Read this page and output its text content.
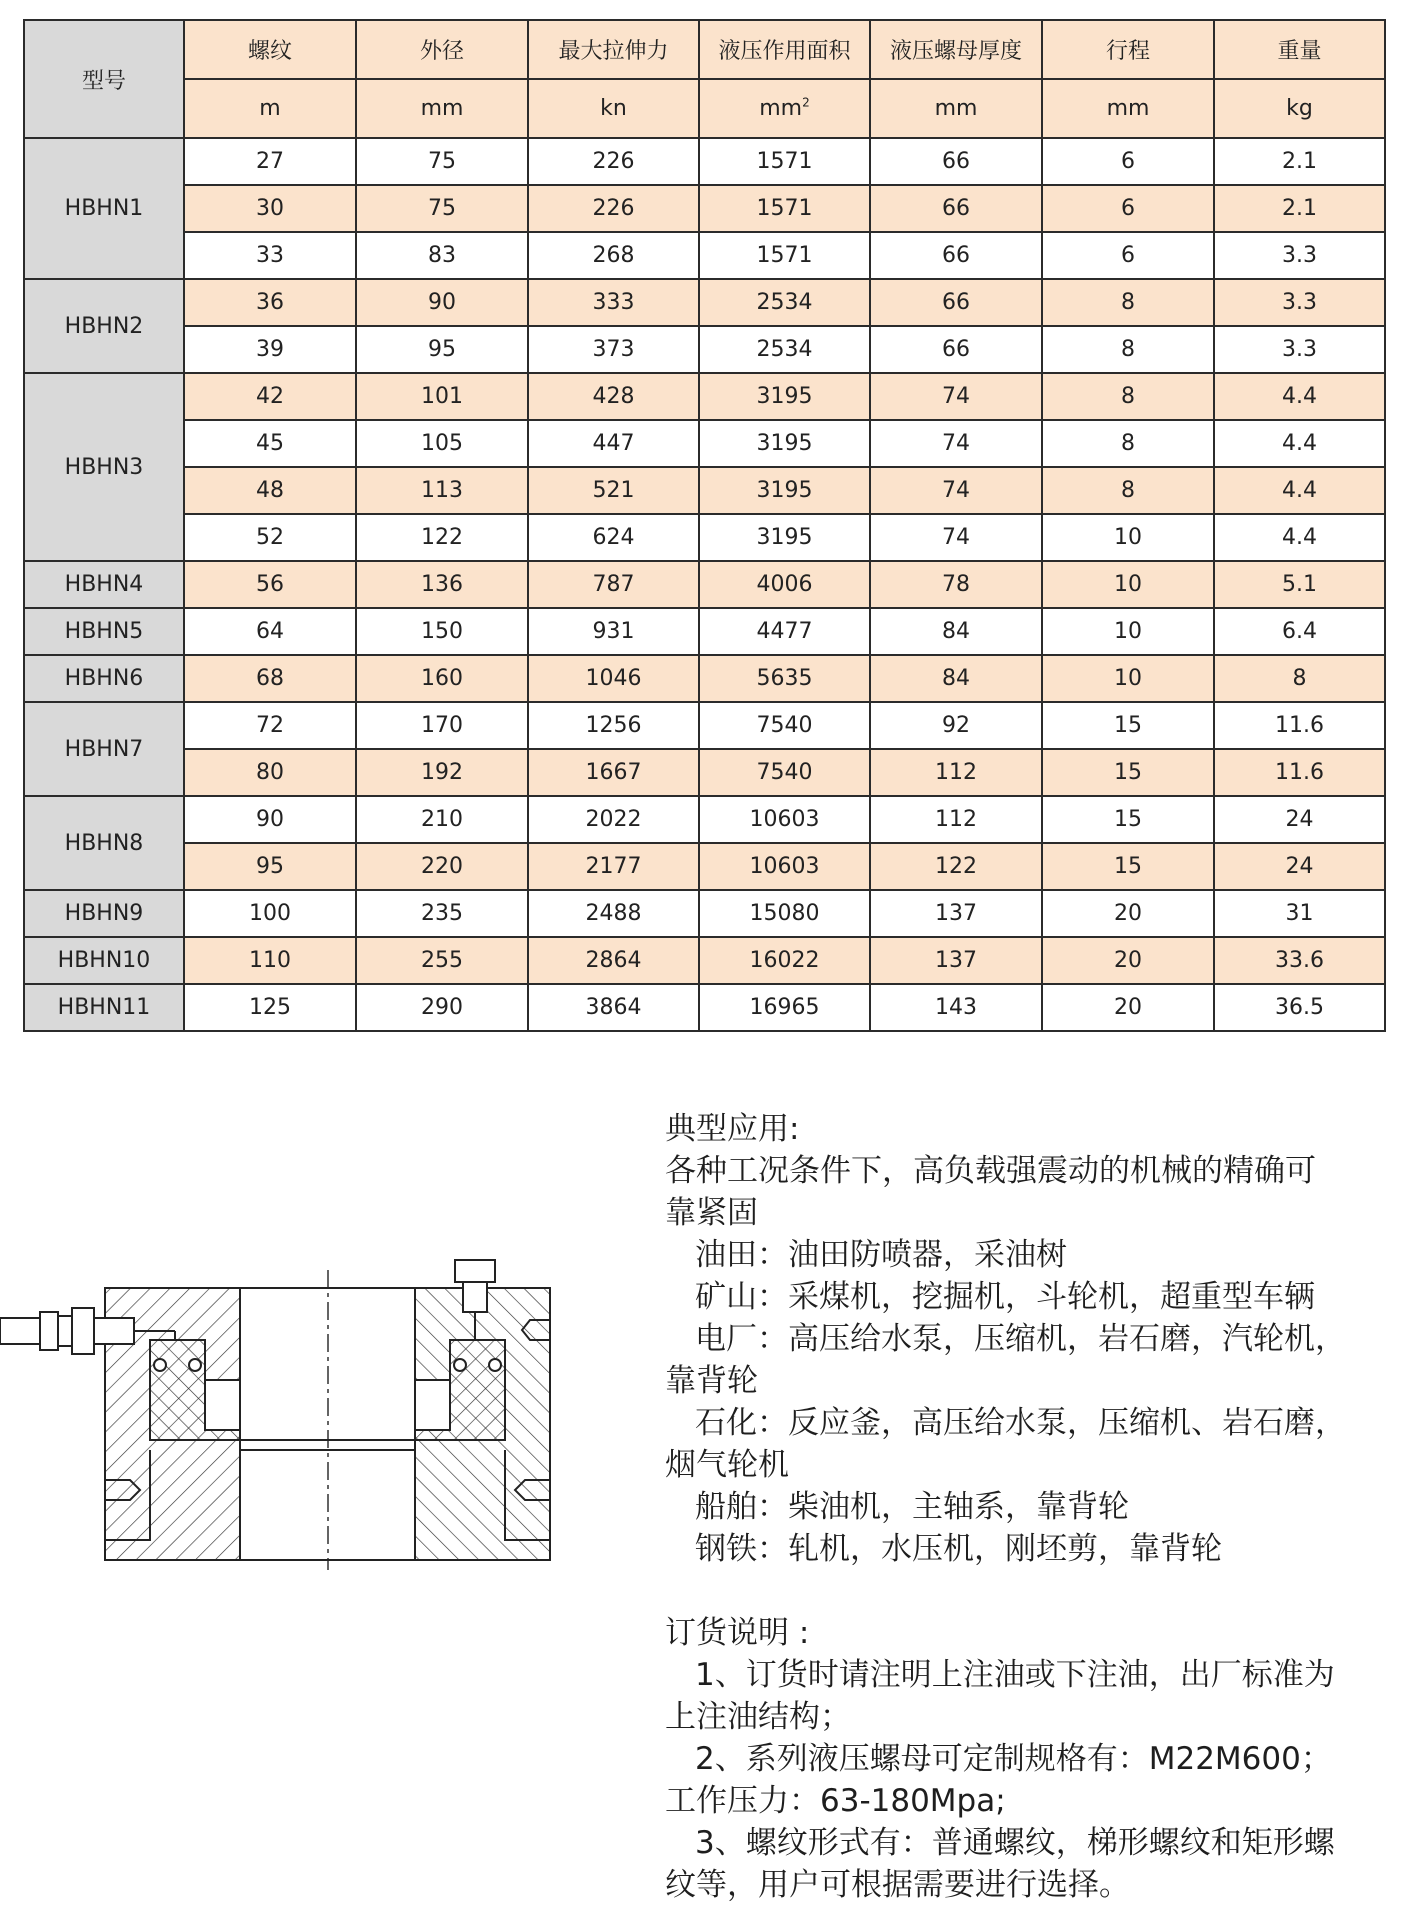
型号	螺纹	外径	最大拉伸力	液压作用面积	液压螺母厚度	行程	重量
	m	mm	kn	$mm^2$	mm	mm	kg
HBHN1	27	75	226	1571	66	6	2.1
	30	75	226	1571	66	6	2.1
	33	83	268	1571	66	6	3.3
HBHN2	36	90	333	2534	66	8	3.3
	39	95	373	2534	66	8	3.3
HBHN3	42	101	428	3195	74	8	4.4
	45	105	447	3195	74	8	4.4
	48	113	521	3195	74	8	4.4
	52	122	624	3195	74	10	4.4
HBHN4	56	136	787	4006	78	10	5.1
HBHN5	64	150	931	4477	84	10	6.4
HBHN6	68	160	1046	5635	84	10	8
HBHN7	72	170	1256	7540	92	15	11.6
	80	192	1667	7540	112	15	11.6
HBHN8	90	210	2022	10603	112	15	24
	95	220	2177	10603	122	15	24
HBHN9	100	235	2488	15080	137	20	31
HBHN10	110	255	2864	16022	137	20	33.6
HBHN11	125	290	3864	16965	143	20	36.5

典型应用:

各种工况条件下，高负载强震动的机械的精确可

靠紧固

油田：油田防喷器，采油树

矿山：采煤机，挖掘机，斗轮机，超重型车辆

电厂：高压给水泵，压缩机，岩石磨，汽轮机，

靠背轮

石化：反应釜，高压给水泵，压缩机、岩石磨，

烟气轮机

船舶：柴油机，主轴系，靠背轮

钢铁：轧机，水压机，刚坯剪，靠背轮

订货说明 :

1、订货时请注明上注油或下注油，出厂标准为

上注油结构；

2、系列液压螺母可定制规格有：M22M600；

工作压力：63-180Mpa;

3、螺纹形式有：普通螺纹，梯形螺纹和矩形螺

纹等，用户可根据需要进行选择。
